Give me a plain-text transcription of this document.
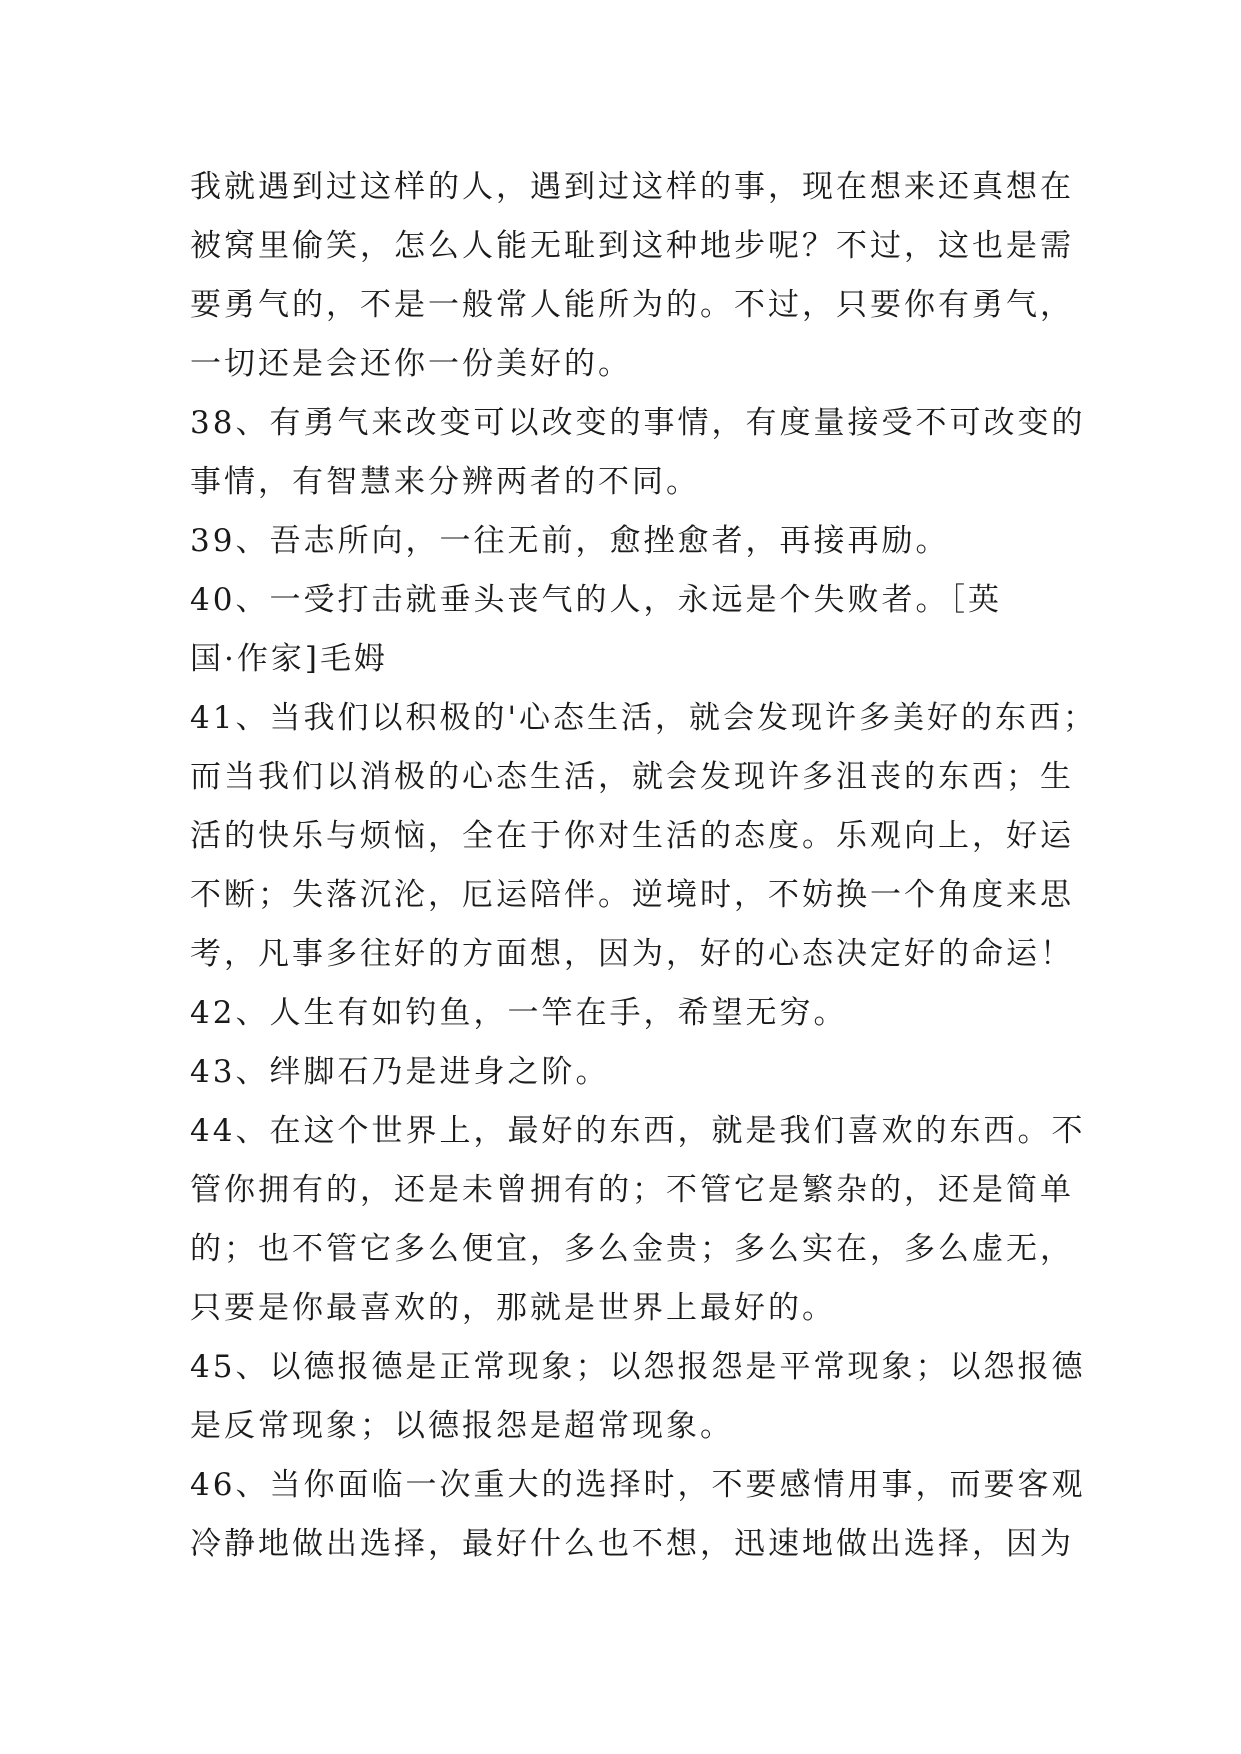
我就遇到过这样的人，遇到过这样的事，现在想来还真想在
被窝里偷笑，怎么人能无耻到这种地步呢？不过，这也是需
要勇气的，不是一般常人能所为的。不过，只要你有勇气，
一切还是会还你一份美好的。
38、有勇气来改变可以改变的事情，有度量接受不可改变的
事情，有智慧来分辨两者的不同。
39、吾志所向，一往无前，愈挫愈者，再接再励。
40、一受打击就垂头丧气的人，永远是个失败者。［英
国·作家]毛姆
41、当我们以积极的'心态生活，就会发现许多美好的东西；
而当我们以消极的心态生活，就会发现许多沮丧的东西；生
活的快乐与烦恼，全在于你对生活的态度。乐观向上，好运
不断；失落沉沦，厄运陪伴。逆境时，不妨换一个角度来思
考，凡事多往好的方面想，因为，好的心态决定好的命运！
42、人生有如钓鱼，一竿在手，希望无穷。
43、绊脚石乃是进身之阶。
44、在这个世界上，最好的东西，就是我们喜欢的东西。不
管你拥有的，还是未曾拥有的；不管它是繁杂的，还是简单
的；也不管它多么便宜，多么金贵；多么实在，多么虚无，
只要是你最喜欢的，那就是世界上最好的。
45、以德报德是正常现象；以怨报怨是平常现象；以怨报德
是反常现象；以德报怨是超常现象。
46、当你面临一次重大的选择时，不要感情用事，而要客观
冷静地做出选择，最好什么也不想，迅速地做出选择，因为
